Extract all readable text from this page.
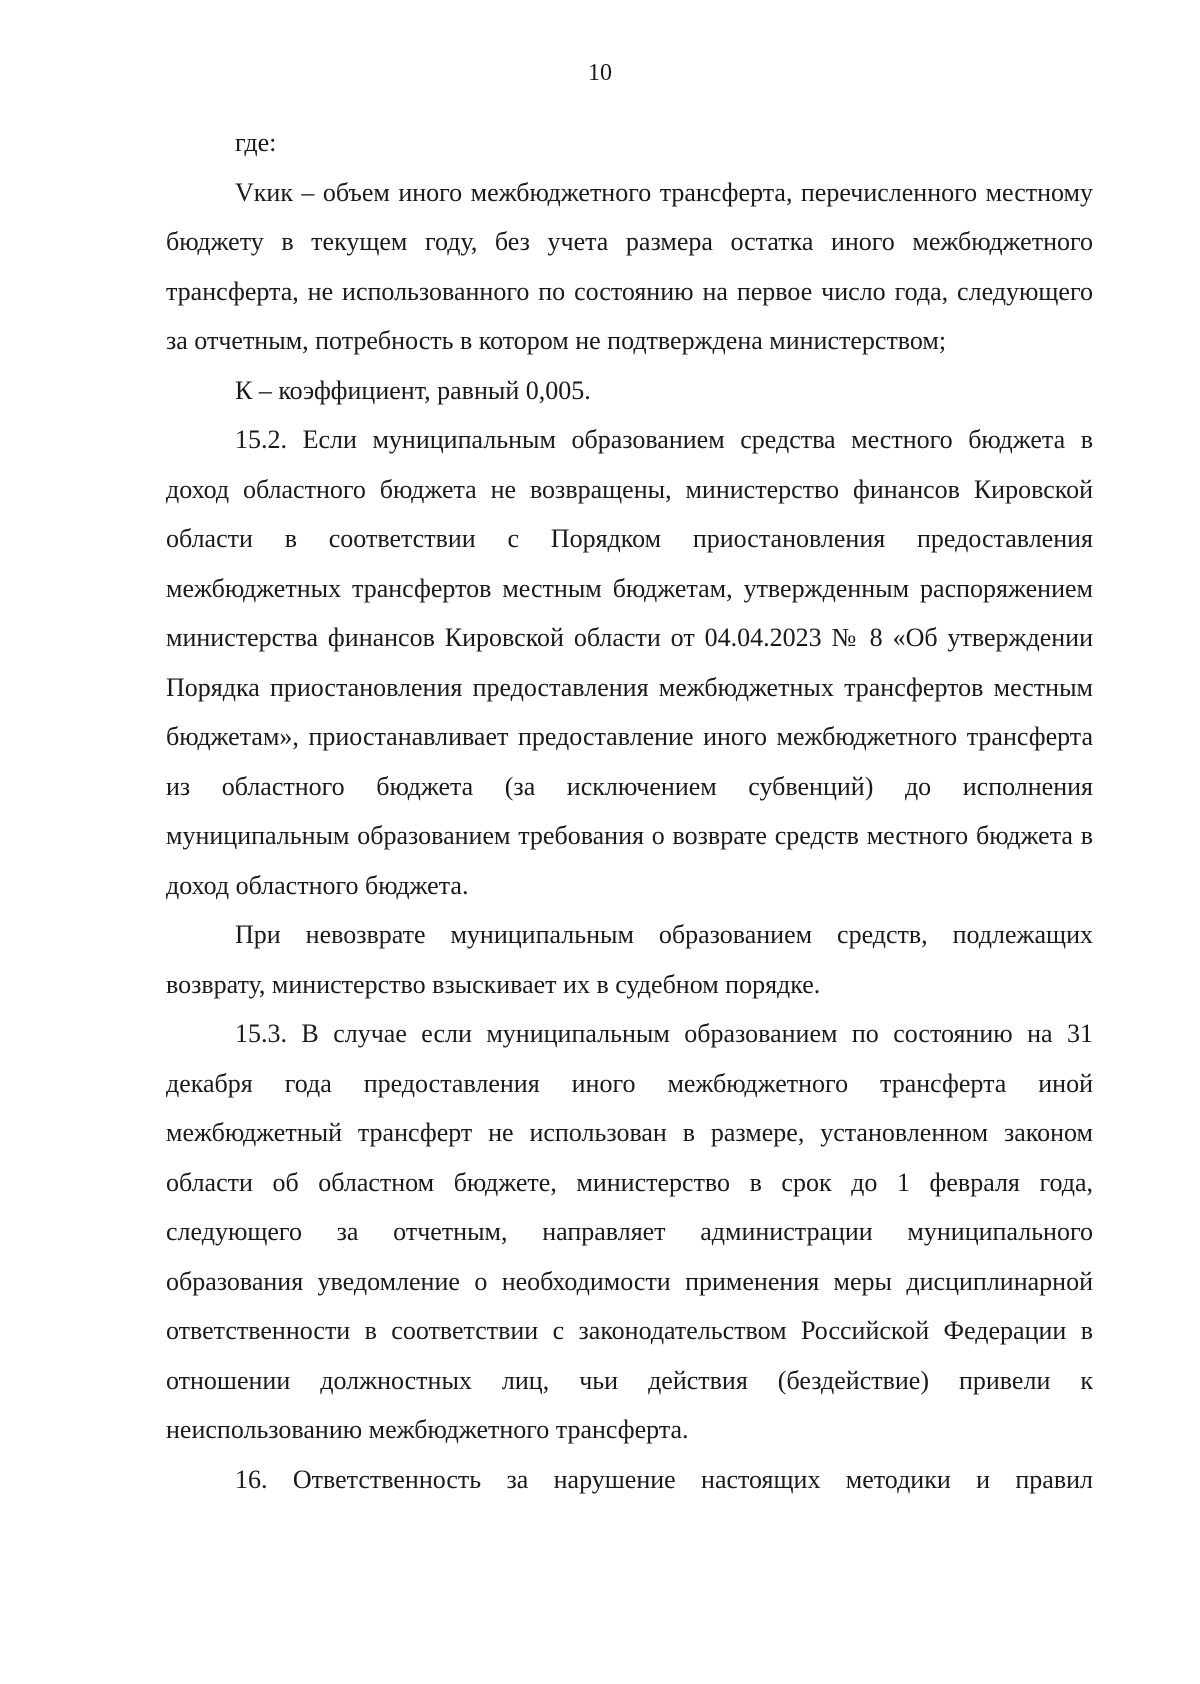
10

где:

Vкик – объем иного межбюджетного трансферта, перечисленного местному бюджету в текущем году, без учета размера остатка иного межбюджетного трансферта, не использованного по состоянию на первое число года, следующего за отчетным, потребность в котором не подтверждена министерством;

К – коэффициент, равный 0,005.

15.2. Если муниципальным образованием средства местного бюджета в доход областного бюджета не возвращены, министерство финансов Кировской области в соответствии с Порядком приостановления предоставления межбюджетных трансфертов местным бюджетам, утвержденным распоряжением министерства финансов Кировской области от 04.04.2023 № 8 «Об утверждении Порядка приостановления предоставления межбюджетных трансфертов местным бюджетам», приостанавливает предоставление иного межбюджетного трансферта из областного бюджета (за исключением субвенций) до исполнения муниципальным образованием требования о возврате средств местного бюджета в доход областного бюджета.

При невозврате муниципальным образованием средств, подлежащих возврату, министерство взыскивает их в судебном порядке.

15.3. В случае если муниципальным образованием по состоянию на 31 декабря года предоставления иного межбюджетного трансферта иной межбюджетный трансферт не использован в размере, установленном законом области об областном бюджете, министерство в срок до 1 февраля года, следующего за отчетным, направляет администрации муниципального образования уведомление о необходимости применения меры дисциплинарной ответственности в соответствии с законодательством Российской Федерации в отношении должностных лиц, чьи действия (бездействие) привели к неиспользованию межбюджетного трансферта.

16. Ответственность за нарушение настоящих методики и правил
